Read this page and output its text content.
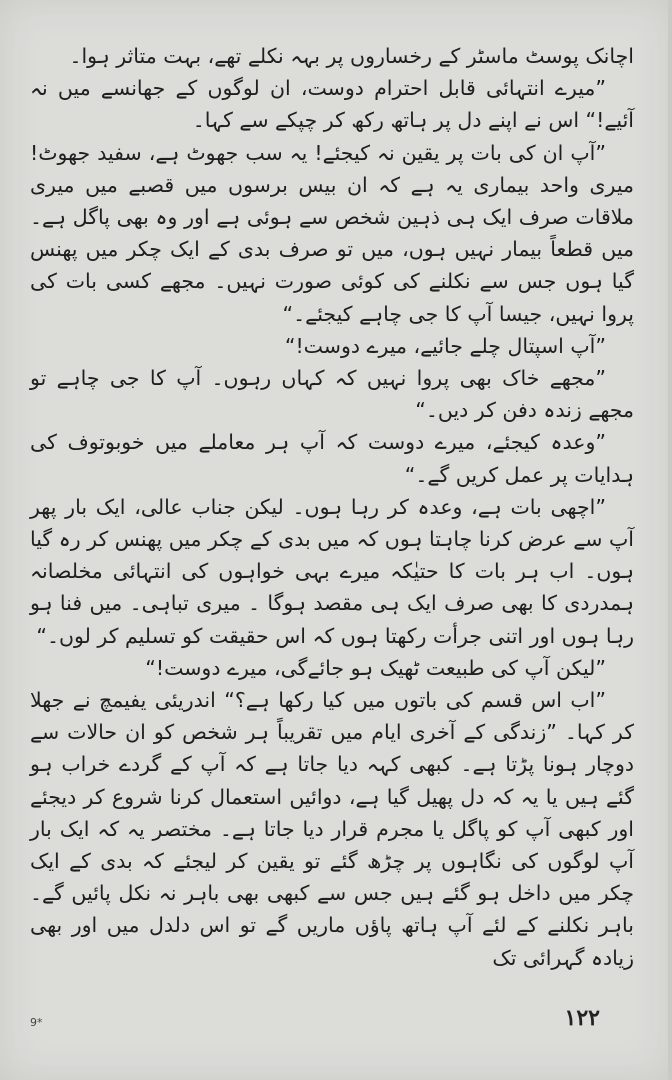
اچانک پوسٹ ماسٹر کے رخساروں پر بہہ نکلے تھے، بہت متاثر ہوا۔

”میرے انتہائی قابل احترام دوست، ان لوگوں کے جھانسے میں نہ آئیے!“ اس نے اپنے دل پر ہاتھ رکھ کر چپکے سے کہا۔

”آپ ان کی بات پر یقین نہ کیجئے! یہ سب جھوٹ ہے، سفید جھوٹ! میری واحد بیماری یہ ہے کہ ان بیس برسوں میں قصبے میں میری ملاقات صرف ایک ہی ذہین شخص سے ہوئی ہے اور وہ بھی پاگل ہے۔ میں قطعاً بیمار نہیں ہوں، میں تو صرف بدی کے ایک چکر میں پھنس گیا ہوں جس سے نکلنے کی کوئی صورت نہیں۔ مجھے کسی بات کی پروا نہیں، جیسا آپ کا جی چاہے کیجئے۔“

”آپ اسپتال چلے جائیے، میرے دوست!“

”مجھے خاک بھی پروا نہیں کہ کہاں رہوں۔ آپ کا جی چاہے تو مجھے زندہ دفن کر دیں۔“

”وعدہ کیجئے، میرے دوست کہ آپ ہر معاملے میں خوبوتوف کی ہدایات پر عمل کریں گے۔“

”اچھی بات ہے، وعدہ کر رہا ہوں۔ لیکن جناب عالی، ایک بار پھر آپ سے عرض کرنا چاہتا ہوں کہ میں بدی کے چکر میں پھنس کر رہ گیا ہوں۔ اب ہر بات کا حتیٰکہ میرے بہی خواہوں کی انتہائی مخلصانہ ہمدردی کا بھی صرف ایک ہی مقصد ہوگا ۔ میری تباہی۔ میں فنا ہو رہا ہوں اور اتنی جرأت رکھتا ہوں کہ اس حقیقت کو تسلیم کر لوں۔“

”لیکن آپ کی طبیعت ٹھیک ہو جائےگی، میرے دوست!“

”اب اس قسم کی باتوں میں کیا رکھا ہے؟“ اندریئی یفیمچ نے جھلا کر کہا۔ ”زندگی کے آخری ایام میں تقریباً ہر شخص کو ان حالات سے دوچار ہونا پڑتا ہے۔ کبھی کہہ دیا جاتا ہے کہ آپ کے گردے خراب ہو گئے ہیں یا یہ کہ دل پھیل گیا ہے، دوائیں استعمال کرنا شروع کر دیجئے اور کبھی آپ کو پاگل یا مجرم قرار دیا جاتا ہے۔ مختصر یہ کہ ایک بار آپ لوگوں کی نگاہوں پر چڑھ گئے تو یقین کر لیجئے کہ بدی کے ایک چکر میں داخل ہو گئے ہیں جس سے کبھی بھی باہر نہ نکل پائیں گے۔ باہر نکلنے کے لئے آپ ہاتھ پاؤں ماریں گے تو اس دلدل میں اور بھی زیادہ گہرائی تک

۱۲۲
9*
